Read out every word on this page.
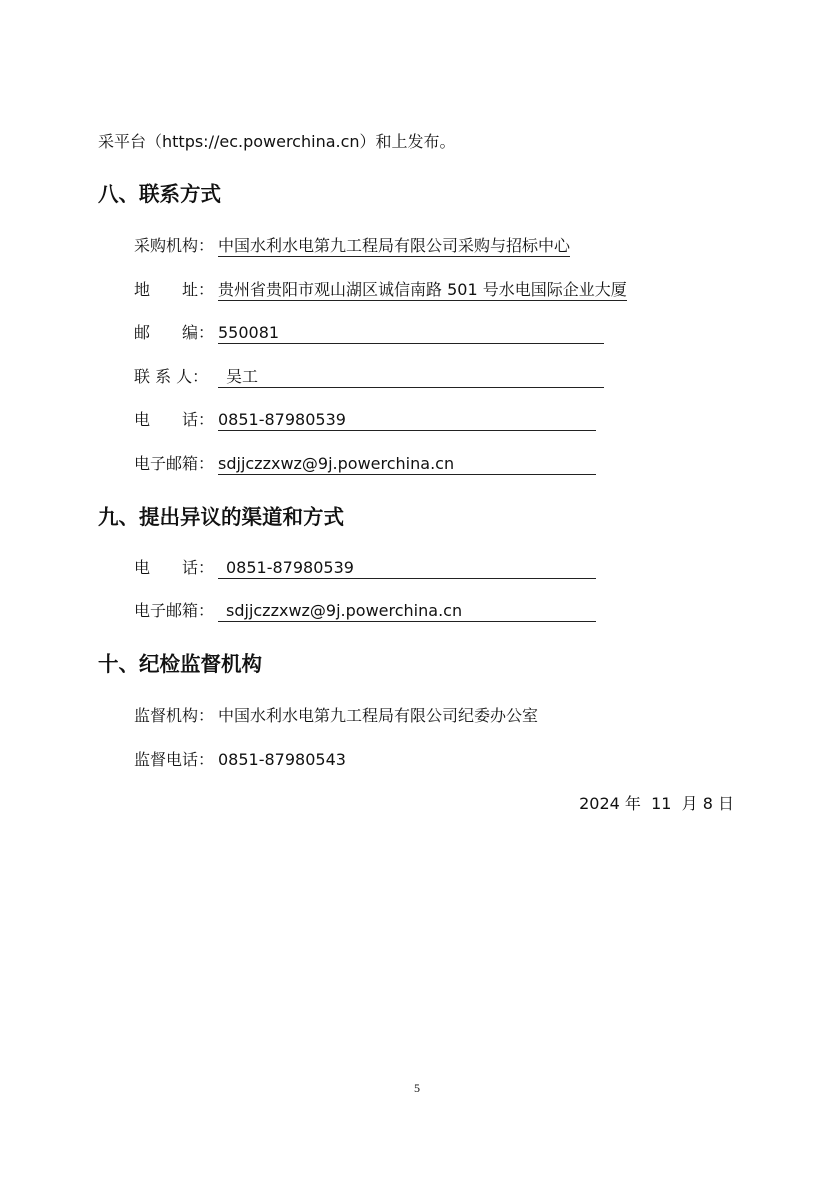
采平台（https://ec.powerchina.cn）和上发布。
八、联系方式
采购机构： 中国水利水电第九工程局有限公司采购与招标中心
地　　址： 贵州省贵阳市观山湖区诚信南路 501 号水电国际企业大厦
邮　　编： 550081
联 系 人：	吴工
电　　话： 0851-87980539
电子邮箱： sdjjczzxwz@9j.powerchina.cn
九、提出异议的渠道和方式
电　　话： 0851-87980539
电子邮箱： sdjjczzxwz@9j.powerchina.cn
十、纪检监督机构
监督机构： 中国水利水电第九工程局有限公司纪委办公室
监督电话： 0851-87980543
2024 年  11  月 8 日
5
